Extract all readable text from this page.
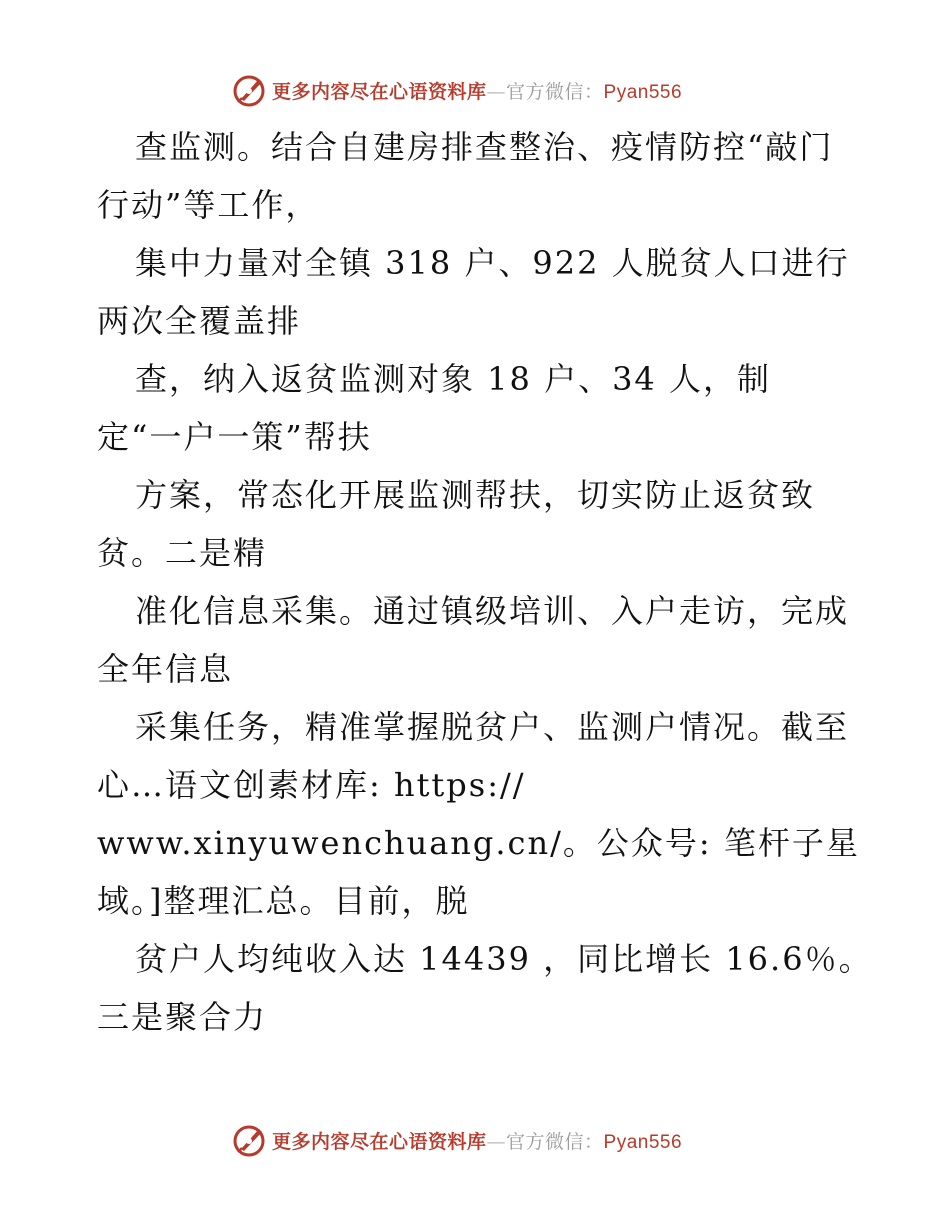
更多内容尽在心语资料库—官方微信：Pyan556
查监测。结合自建房排查整治、疫情防控“敲门
行动”等工作，
集中力量对全镇 318 户、922 人脱贫人口进行
两次全覆盖排
查，纳入返贫监测对象 18 户、34 人，制
定“一户一策”帮扶
方案，常态化开展监测帮扶，切实防止返贫致
贫。二是精
准化信息采集。通过镇级培训、入户走访，完成
全年信息
采集任务，精准掌握脱贫户、监测户情况。截至
心…语文创素材库: https://
www.xinyuwenchuang.cn/。公众号: 笔杆子星
域。]整理汇总。目前，脱
贫户人均纯收入达 14439 ，同比增长 16.6％。
三是聚合力
更多内容尽在心语资料库—官方微信：Pyan556
